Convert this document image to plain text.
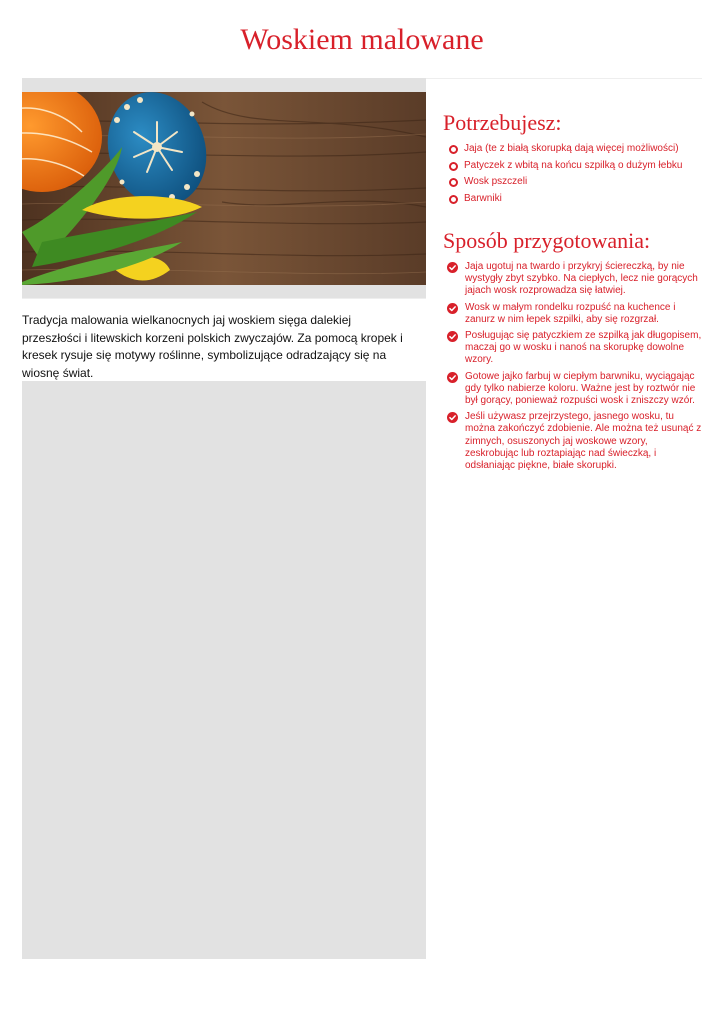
Woskiem malowane

Tradycja malowania wielkanocnych jaj woskiem sięga dalekiej przeszłości i litewskich korzeni polskich zwyczajów. Za pomocą kropek i kresek rysuje się motywy roślinne, symbolizujące odradzający się na wiosnę świat.

Potrzebujesz:
Jaja (te z białą skorupką dają więcej możliwości)
Patyczek z wbitą na końcu szpilką o dużym łebku
Wosk pszczeli
Barwniki
Sposób przygotowania:
Jaja ugotuj na twardo i przykryj ściereczką, by nie wystygły zbyt szybko. Na ciepłych, lecz nie gorących jajach wosk rozprowadza się łatwiej.
Wosk w małym rondelku rozpuść na kuchence i zanurz w nim łepek szpilki, aby się rozgrzał.
Posługując się patyczkiem ze szpilką jak długopisem, maczaj go w wosku i nanoś na skorupkę dowolne wzory.
Gotowe jajko farbuj w ciepłym barwniku, wyciągając gdy tylko nabierze koloru. Ważne jest by roztwór nie był gorący, ponieważ rozpuści wosk i zniszczy wzór.
Jeśli używasz przejrzystego, jasnego wosku, tu można zakończyć zdobienie. Ale można też usunąć z zimnych, osuszonych jaj woskowe wzory, zeskrobując lub roztapiając nad świeczką, i odsłaniając piękne, białe skorupki.
